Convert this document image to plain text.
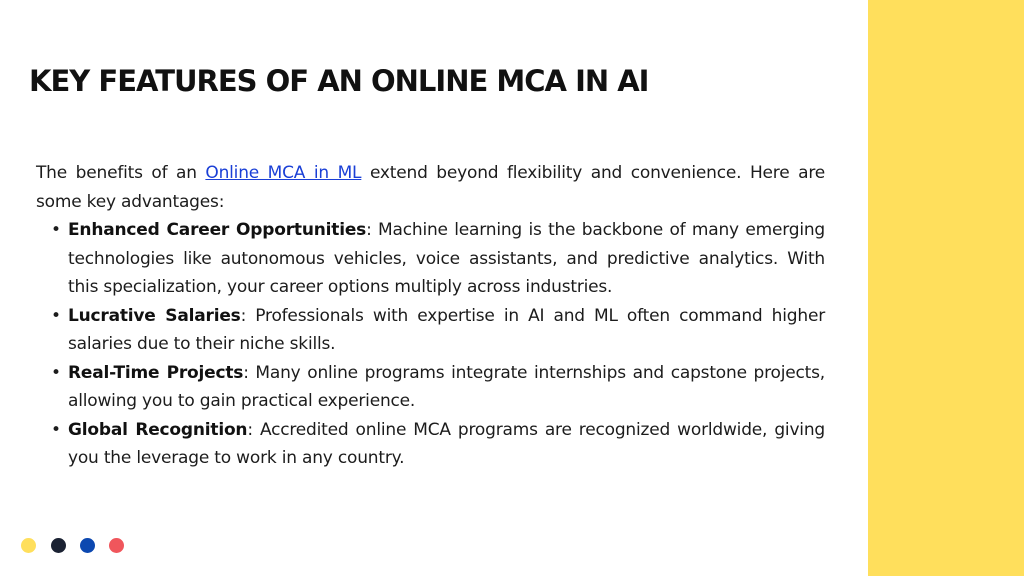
KEY FEATURES OF AN ONLINE MCA IN AI

The benefits of an Online MCA in ML extend beyond flexibility and convenience. Here are some key advantages:

• Enhanced Career Opportunities: Machine learning is the backbone of many emerging technologies like autonomous vehicles, voice assistants, and predictive analytics. With this specialization, your career options multiply across industries.
• Lucrative Salaries: Professionals with expertise in AI and ML often command higher salaries due to their niche skills.
• Real-Time Projects: Many online programs integrate internships and capstone projects, allowing you to gain practical experience.
• Global Recognition: Accredited online MCA programs are recognized worldwide, giving you the leverage to work in any country.
